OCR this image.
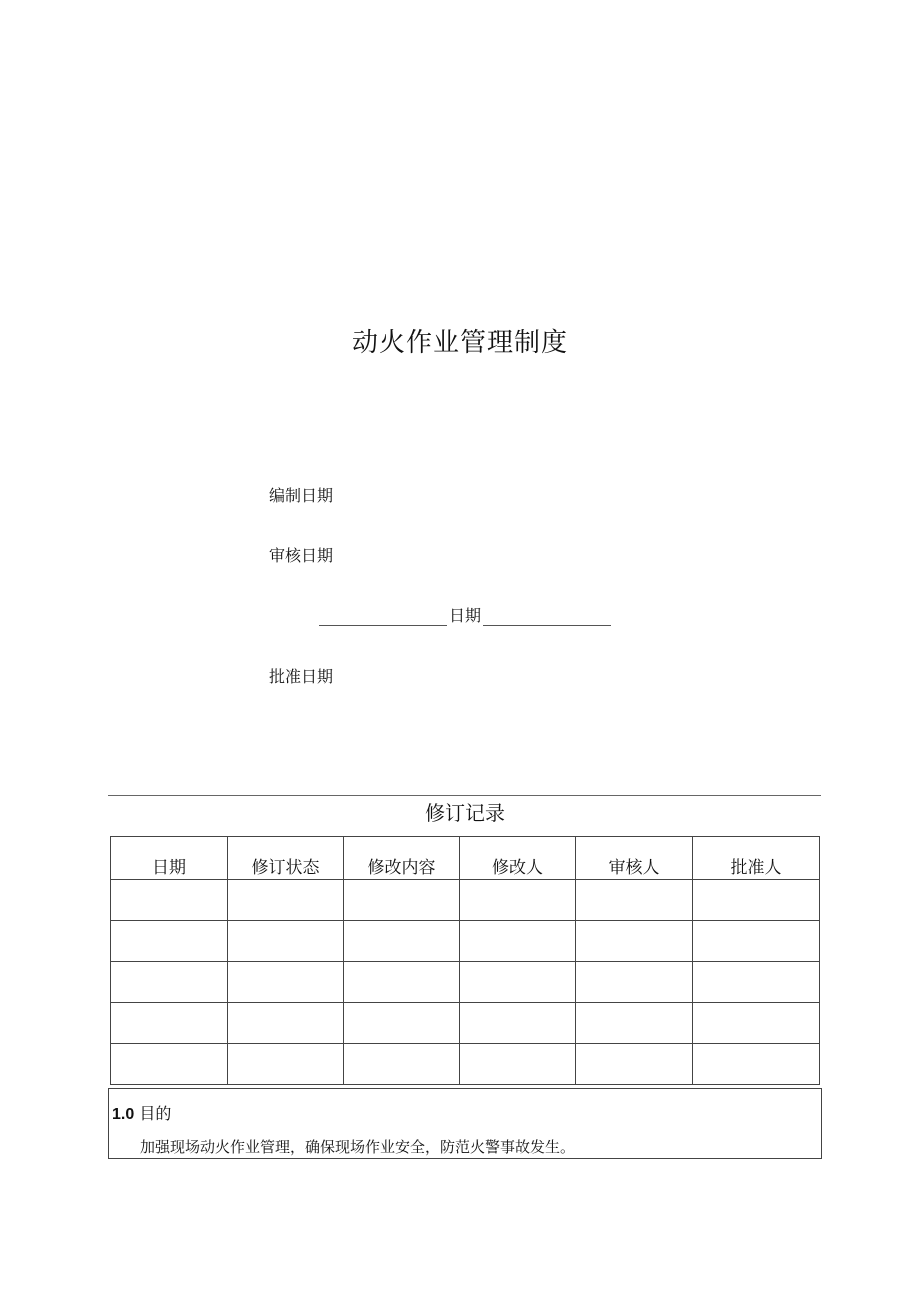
动火作业管理制度
编制日期
审核日期
日期
批准日期
修订记录
日期	修订状态	修改内容	修改人	审核人	批准人

1.0 目的
加强现场动火作业管理，确保现场作业安全，防范火警事故发生。
